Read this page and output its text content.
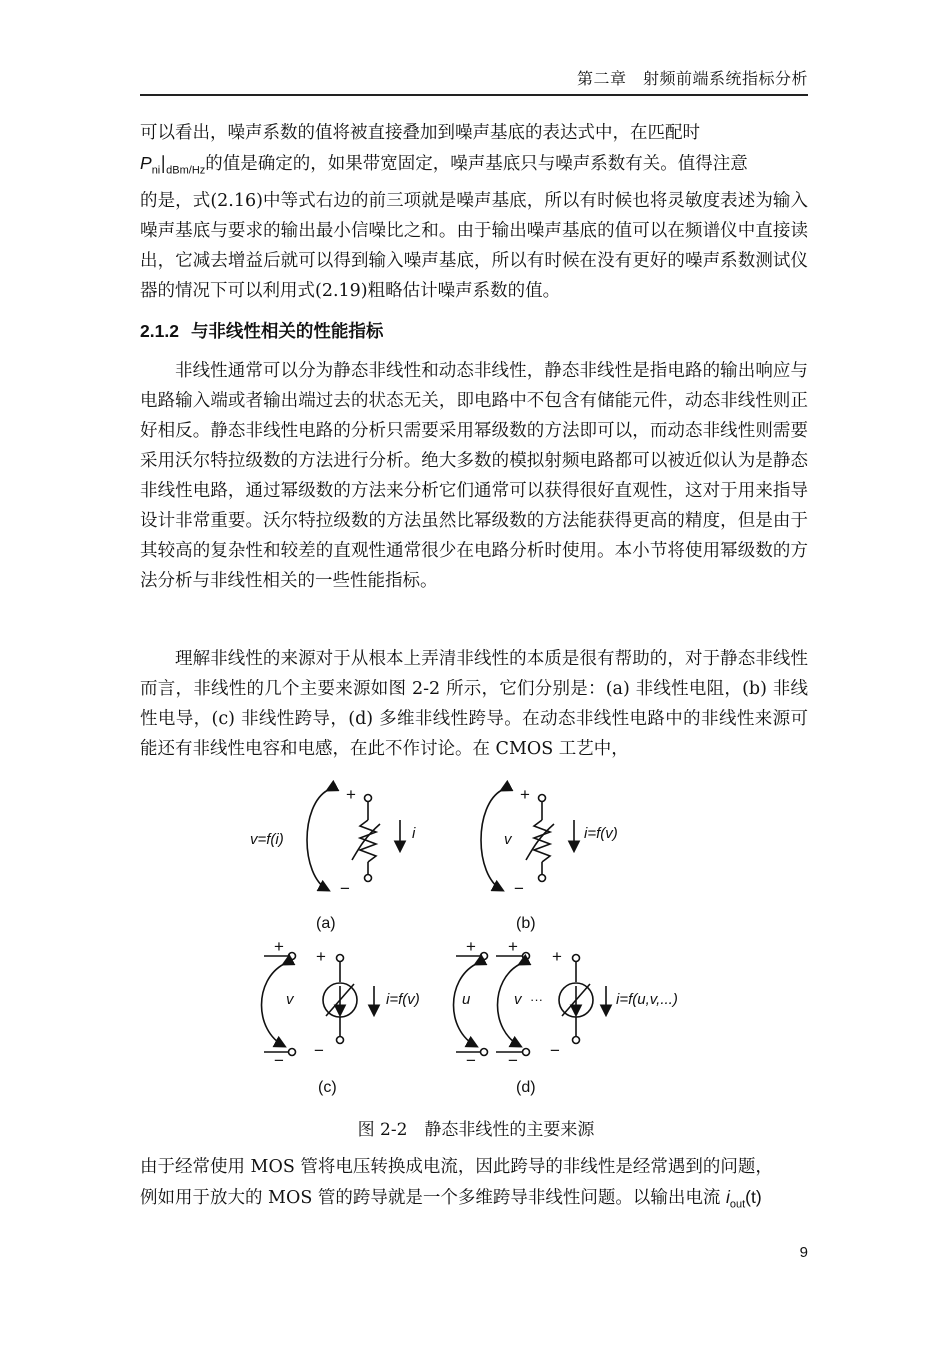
第二章　射频前端系统指标分析

可以看出，噪声系数的值将被直接叠加到噪声基底的表达式中，在匹配时

$P_{ni}|_{dBm/Hz}$的值是确定的，如果带宽固定，噪声基底只与噪声系数有关。值得注意

的是，式(2.16)中等式右边的前三项就是噪声基底，所以有时候也将灵敏度表述为输入噪声基底与要求的输出最小信噪比之和。由于输出噪声基底的值可以在频谱仪中直接读出，它减去增益后就可以得到输入噪声基底，所以有时候在没有更好的噪声系数测试仪器的情况下可以利用式(2.19)粗略估计噪声系数的值。

2.1.2 与非线性相关的性能指标
非线性通常可以分为静态非线性和动态非线性，静态非线性是指电路的输出响应与电路输入端或者输出端过去的状态无关，即电路中不包含有储能元件，动态非线性则正好相反。静态非线性电路的分析只需要采用幂级数的方法即可以，而动态非线性则需要采用沃尔特拉级数的方法进行分析。绝大多数的模拟射频电路都可以被近似认为是静态非线性电路，通过幂级数的方法来分析它们通常可以获得很好直观性，这对于用来指导设计非常重要。沃尔特拉级数的方法虽然比幂级数的方法能获得更高的精度，但是由于其较高的复杂性和较差的直观性通常很少在电路分析时使用。本小节将使用幂级数的方法分析与非线性相关的一些性能指标。
理解非线性的来源对于从根本上弄清非线性的本质是很有帮助的，对于静态非线性而言，非线性的几个主要来源如图 2-2 所示，它们分别是：(a) 非线性电阻，(b) 非线性电导，(c) 非线性跨导，(d) 多维非线性跨导。在动态非线性电路中的非线性来源可能还有非线性电容和电感，在此不作讨论。在 CMOS 工艺中，
+
−
v=f(i)	i
(a)
+
−
v	i=f(v)
(b)
+
+
−
−
v	i=f(v)
(c)
+ +
+
− −
−
u	v ···	i=f(u,v,...)
(d)
图 2-2　静态非线性的主要来源

由于经常使用 MOS 管将电压转换成电流，因此跨导的非线性是经常遇到的问题，

例如用于放大的 MOS 管的跨导就是一个多维跨导非线性问题。以输出电流 $i_{out}(t)$

9
